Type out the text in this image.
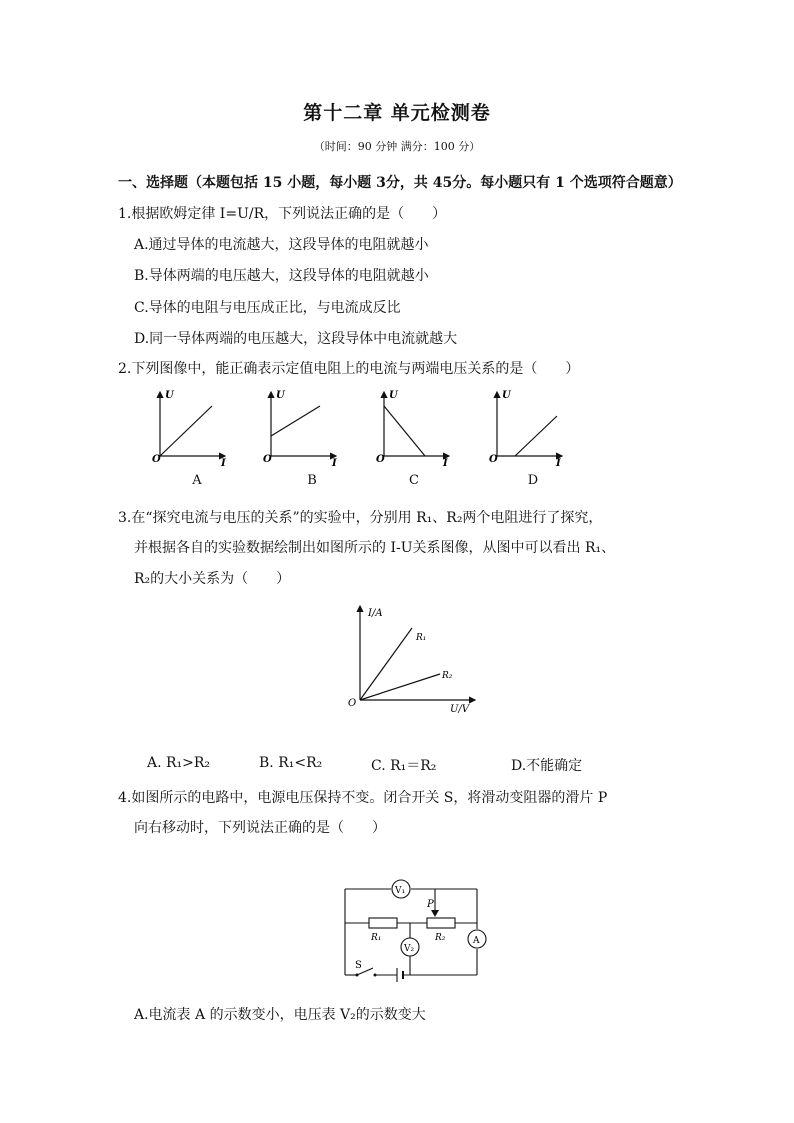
第十二章 单元检测卷
（时间：90 分钟 满分：100 分）
一、选择题（本题包括 15 小题，每小题 3分，共 45分。每小题只有 1 个选项符合题意）
1.根据欧姆定律 I=U/R，下列说法正确的是（　　）
A.通过导体的电流越大，这段导体的电阻就越小
B.导体两端的电压越大，这段导体的电阻就越小
C.导体的电阻与电压成正比，与电流成反比
D.同一导体两端的电压越大，这段导体中电流就越大
2.下列图像中，能正确表示定值电阻上的电流与两端电压关系的是（　　）
U
O	I
U
O	I
U
O	I
U
O	I
A	B	C	D
3.在“探究电流与电压的关系”的实验中，分别用 R₁、R₂两个电阻进行了探究，
并根据各自的实验数据绘制出如图所示的 I-U关系图像，从图中可以看出 R₁、
R₂的大小关系为（　　）
I/A
O
U/V
R₁
R₂
A. R₁>R₂	B. R₁<R₂	C. R₁＝R₂	D.不能确定
4.如图所示的电路中，电源电压保持不变。闭合开关 S，将滑动变阻器的滑片 P
向右移动时，下列说法正确的是（　　）
V₁
P
V₂
A
R₁	R₂
S
A.电流表 A 的示数变小，电压表 V₂的示数变大
